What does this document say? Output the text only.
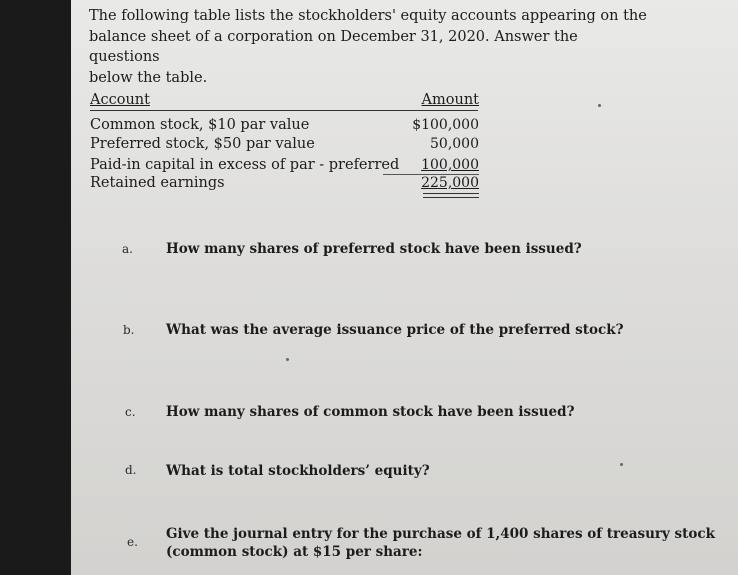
The following table lists the stockholders' equity accounts appearing on the
balance sheet of a corporation on December 31, 2020. Answer the questions
below the table.
Account	Amount
Common stock, $10 par value	$100,000
Preferred stock, $50 par value	50,000
Paid-in capital in excess of par - preferred	100,000
Retained earnings	225,000
a. How many shares of preferred stock have been issued?
b. What was the average issuance price of the preferred stock?
c. How many shares of common stock have been issued?
d. What is total stockholders’ equity?
e. Give the journal entry for the purchase of 1,400 shares of treasury stock
(common stock) at $15 per share:
